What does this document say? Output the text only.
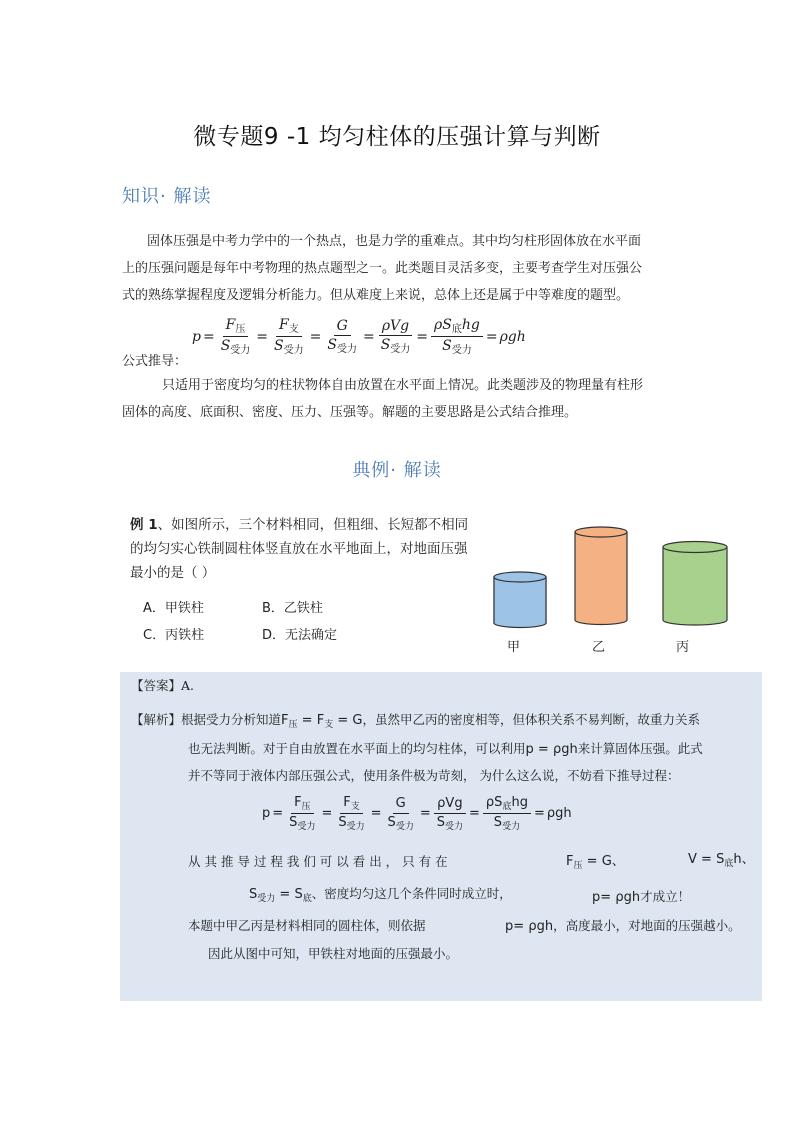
微专题9 -1 均匀柱体的压强计算与判断
知识· 解读
固体压强是中考力学中的一个热点，也是力学的重难点。其中均匀柱形固体放在水平面
上的压强问题是每年中考物理的热点题型之一。此类题目灵活多变，主要考查学生对压强公
式的熟练掌握程度及逻辑分析能力。但从难度上来说，总体上还是属于中等难度的题型。
公式推导：
$p = \frac{F_压}{S_{受力}} = \frac{F_支}{S_{受力}} = \frac{G}{S_{受力}} = \frac{\text{ρVg}}{S_{受力}} = \frac{\rho S_底hg}{S_{受力}} = \rho gh$
只适用于密度均匀的柱状物体自由放置在水平面上情况。此类题涉及的物理量有柱形
固体的高度、底面积、密度、压力、压强等。解题的主要思路是公式结合推理。
典例· 解读
例 1、如图所示，三个材料相同，但粗细、长短都不相同
的均匀实心铁制圆柱体竖直放在水平地面上，对地面压强
最小的是（ ）
A．甲铁柱	B．乙铁柱
C．丙铁柱	D．无法确定
甲	乙	丙
【答案】A.
【解析】根据受力分析知道$F_压 = F_支 = G$，虽然甲乙丙的密度相等，但体积关系不易判断，故重力关系
也无法判断。对于自由放置在水平面上的均匀柱体，可以利用p = ρgh来计算固体压强。此式
并不等同于液体内部压强公式，使用条件极为苛刻， 为什么这么说，不妨看下推导过程：
$p = \frac{F_压}{S_{受力}} = \frac{F_支}{S_{受力}} = \frac{G}{S_{受力}} = \frac{\text{ρVg}}{S_{受力}} = \frac{\rho S_底hg}{S_{受力}} = \rho gh$
从 其 推 导 过 程 我 们 可 以 看 出 ， 只 有 在	$F_压 = G$、	$V = S_底h$、
$S_{受力} = S_底$、密度均匀这几个条件同时成立时，	p= ρgh才成立！
本题中甲乙丙是材料相同的圆柱体，则依据	p= ρgh，高度最小，对地面的压强越小。
因此从图中可知，甲铁柱对地面的压强最小。
